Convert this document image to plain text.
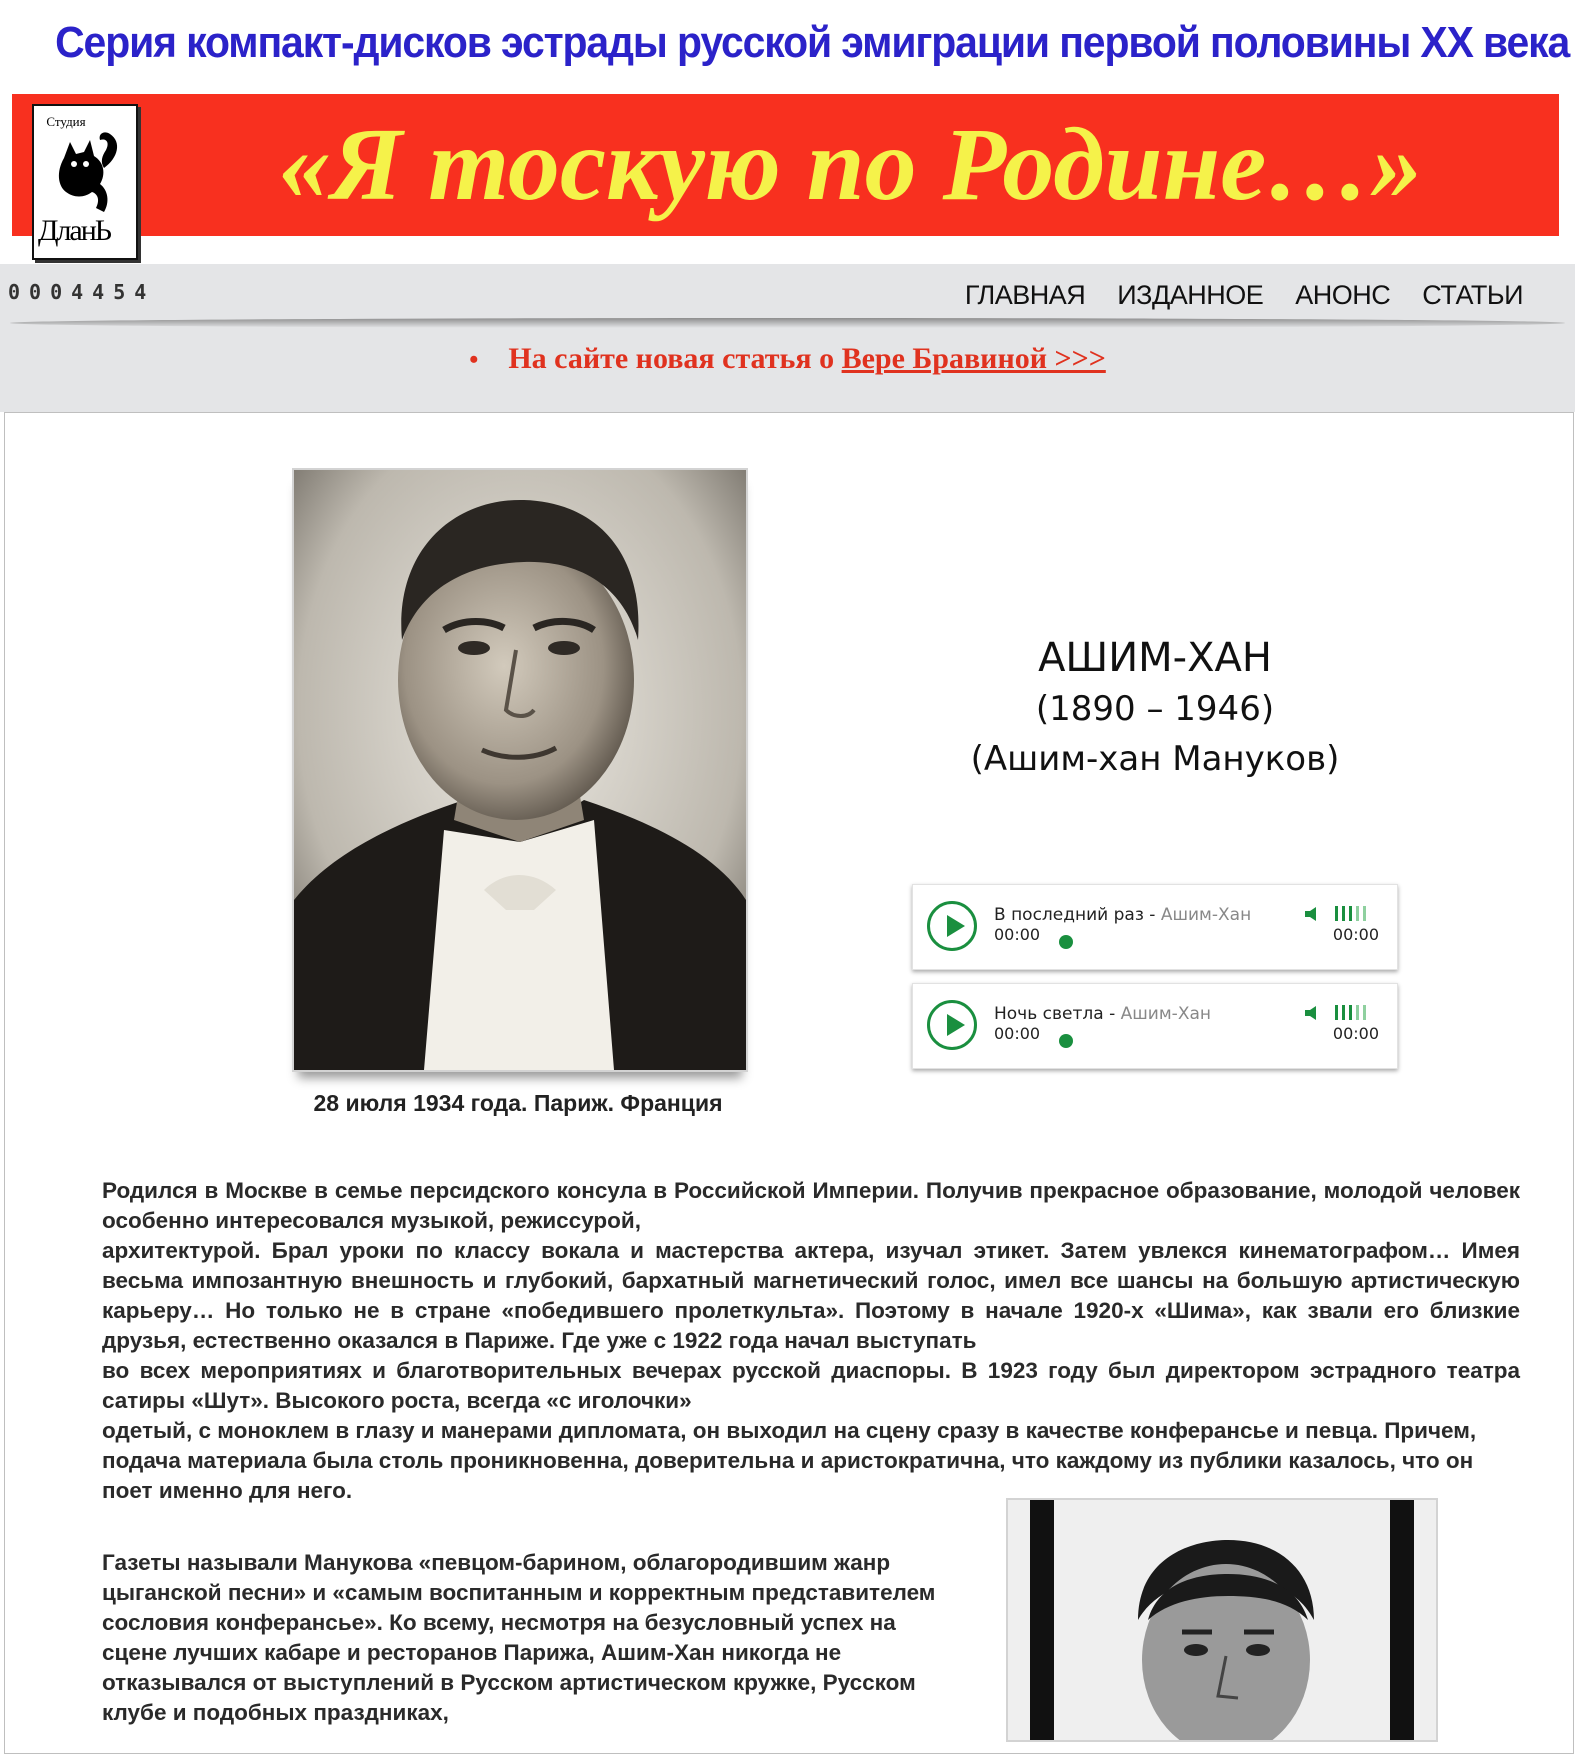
Серия компакт-дисков эстрады русской эмиграции первой половины XX века
«Я тоскую по Родине…»
Студия
ДланЬ
0004454	ГЛАВНАЯ ИЗДАННОЕ АНОНС СТАТЬИ
• На сайте новая статья о Вере Бравиной >>>
28 июля 1934 года. Париж. Франция
АШИМ-ХАН
(1890 – 1946)
(Ашим-хан Мануков)
В последний раз - Ашим-Хан
00:00	00:00
Ночь светла - Ашим-Хан
00:00	00:00

Родился в Москве в семье персидского консула в Российской Империи. Получив прекрасное образование, молодой человек особенно интересовался музыкой, режиссурой,

архитектурой. Брал уроки по классу вокала и мастерства актера, изучал этикет. Затем увлекся кинематографом… Имея весьма импозантную внешность и глубокий, бархатный магнетический голос, имел все шансы на большую артистическую карьеру… Но только не в стране «победившего пролеткульта». Поэтому в начале 1920-х «Шима», как звали его близкие друзья, естественно оказался в Париже. Где уже с 1922 года начал выступать

во всех мероприятиях и благотворительных вечерах русской диаспоры. В 1923 году был директором эстрадного театра сатиры «Шут». Высокого роста, всегда «с иголочки»

одетый, с моноклем в глазу и манерами дипломата, он выходил на сцену сразу в качестве конферансье и певца. Причем, подача материала была столь проникновенна, доверительна и аристократична, что каждому из публики казалось, что он поет именно для него.

Газеты называли Манукова «певцом-барином, облагородившим жанр цыганской песни» и «самым воспитанным и корректным представителем сословия конферансье». Ко всему, несмотря на безусловный успех на сцене лучших кабаре и ресторанов Парижа, Ашим-Хан никогда не отказывался от выступлений в Русском артистическом кружке, Русском клубе и подобных праздниках,
